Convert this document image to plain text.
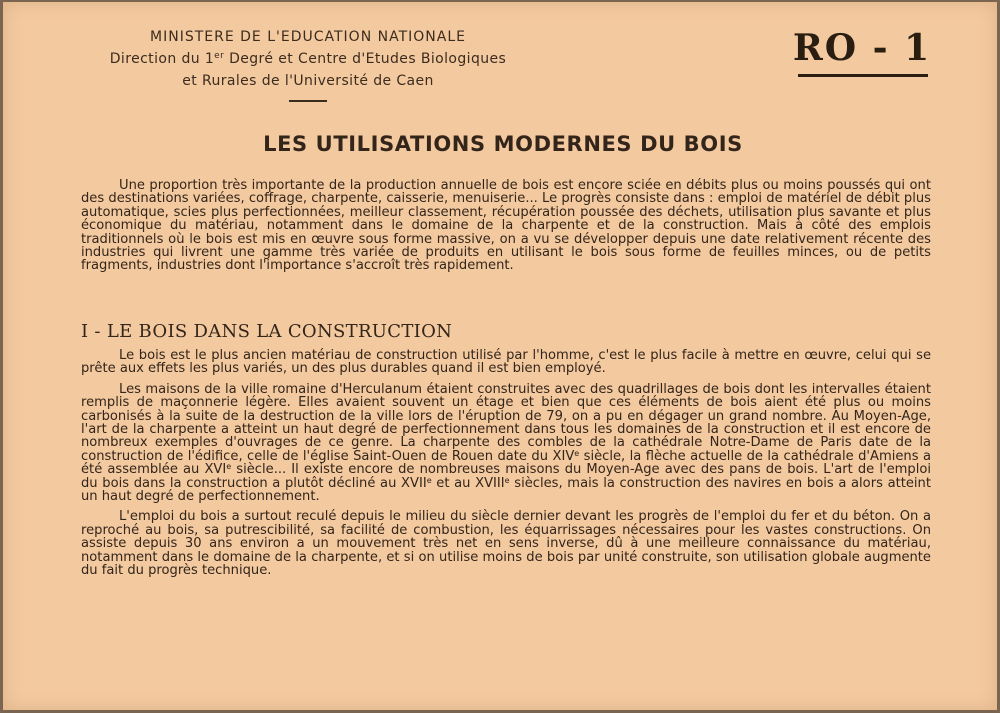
MINISTERE DE L'EDUCATION NATIONALE
Direction du 1er Degré et Centre d'Etudes Biologiques
et Rurales de l'Université de Caen
RO - 1
LES UTILISATIONS MODERNES DU BOIS

Une proportion très importante de la production annuelle de bois est encore sciée en débits plus ou moins poussés qui ont des destinations variées, coffrage, charpente, caisserie, menuiserie... Le progrès consiste dans : emploi de matériel de débit plus automatique, scies plus perfectionnées, meilleur classement, récupération poussée des déchets, utilisation plus savante et plus économique du matériau, notamment dans le domaine de la charpente et de la construction. Mais à côté des emplois traditionnels où le bois est mis en œuvre sous forme massive, on a vu se développer depuis une date relativement récente des industries qui livrent une gamme très variée de produits en utilisant le bois sous forme de feuilles minces, ou de petits fragments, industries dont l'importance s'accroît très rapidement.

I - LE BOIS DANS LA CONSTRUCTION

Le bois est le plus ancien matériau de construction utilisé par l'homme, c'est le plus facile à mettre en œuvre, celui qui se prête aux effets les plus variés, un des plus durables quand il est bien employé.

Les maisons de la ville romaine d'Herculanum étaient construites avec des quadrillages de bois dont les intervalles étaient remplis de maçonnerie légère. Elles avaient souvent un étage et bien que ces éléments de bois aient été plus ou moins carbonisés à la suite de la destruction de la ville lors de l'éruption de 79, on a pu en dégager un grand nombre. Au Moyen-Age, l'art de la charpente a atteint un haut degré de perfectionnement dans tous les domaines de la construction et il est encore de nombreux exemples d'ouvrages de ce genre. La charpente des combles de la cathédrale Notre-Dame de Paris date de la construction de l'édifice, celle de l'église Saint-Ouen de Rouen date du XIVe siècle, la flèche actuelle de la cathédrale d'Amiens a été assemblée au XVIe siècle... Il existe encore de nombreuses maisons du Moyen-Age avec des pans de bois. L'art de l'emploi du bois dans la construction a plutôt décliné au XVIIe et au XVIIIe siècles, mais la construction des navires en bois a alors atteint un haut degré de perfectionnement.

L'emploi du bois a surtout reculé depuis le milieu du siècle dernier devant les progrès de l'emploi du fer et du béton. On a reproché au bois, sa putrescibilité, sa facilité de combustion, les équarrissages nécessaires pour les vastes constructions. On assiste depuis 30 ans environ a un mouvement très net en sens inverse, dû à une meilleure connaissance du matériau, notamment dans le domaine de la charpente, et si on utilise moins de bois par unité construite, son utilisation globale augmente du fait du progrès technique.
